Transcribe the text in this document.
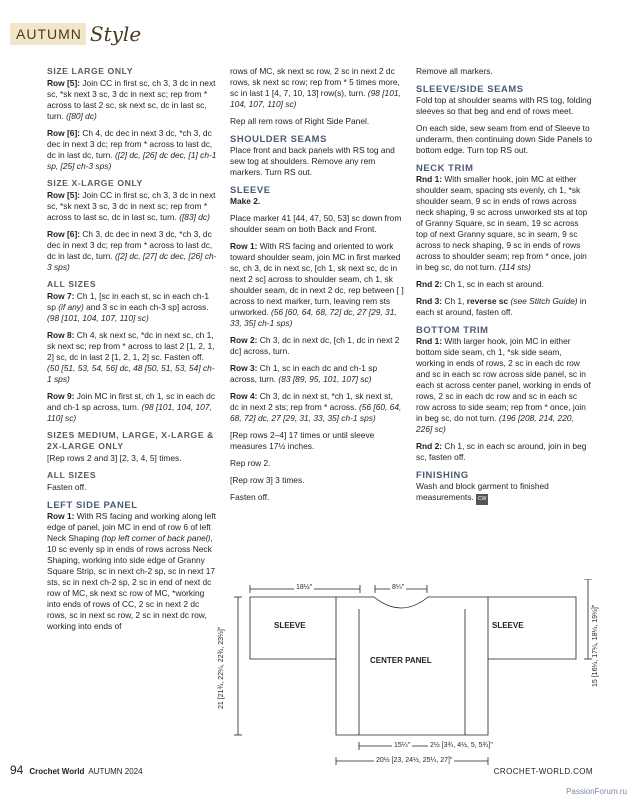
AUTUMN Style
SIZE LARGE ONLY

Row [5]: Join CC in first sc, ch 3, 3 dc in next sc, *sk next 3 sc, 3 dc in next sc; rep from * across to last 2 sc, sk next sc, dc in last sc, turn. ([80] dc)

Row [6]: Ch 4, dc dec in next 3 dc, *ch 3, dc dec in next 3 dc; rep from * across to last dc, dc in last dc, turn. ([2] dc, [26] dc dec, [1] ch-1 sp, [25] ch-3 sps)

SIZE X-LARGE ONLY

Row [5]: Join CC in first sc, ch 3, 3 dc in next sc, *sk next 3 sc, 3 dc in next sc; rep from * across to last sc, dc in last sc, turn. ([83] dc)

Row [6]: Ch 3, dc dec in next 3 dc, *ch 3, dc dec in next 3 dc; rep from * across to last dc, dc in last dc, turn. ([2] dc, [27] dc dec, [26] ch-3 sps)

ALL SIZES

Row 7: Ch 1, [sc in each st, sc in each ch-1 sp (if any) and 3 sc in each ch-3 sp] across. (98 [101, 104, 107, 110] sc)

Row 8: Ch 4, sk next sc, *dc in next sc, ch 1, sk next sc; rep from * across to last 2 [1, 2, 1, 2] sc, dc in last 2 [1, 2, 1, 2] sc. Fasten off. (50 [51, 53, 54, 56] dc, 48 [50, 51, 53, 54] ch-1 sps)

Row 9: Join MC in first st, ch 1, sc in each dc and ch-1 sp across, turn. (98 [101, 104, 107, 110] sc)

SIZES MEDIUM, LARGE, X-LARGE & 2X-LARGE ONLY

[Rep rows 2 and 3] [2, 3, 4, 5] times.

ALL SIZES

Fasten off.

LEFT SIDE PANEL

Row 1: With RS facing and working along left edge of panel, join MC in end of row 6 of left Neck Shaping (top left corner of back panel), 10 sc evenly sp in ends of rows across Neck Shaping, working into side edge of Granny Square Strip, sc in next ch-2 sp, sc in next 17 sts, sc in next ch-2 sp, 2 sc in end of next dc row of MC, sk next sc row of MC, *working into ends of rows of CC, 2 sc in next 2 dc rows, sc in next sc row, 2 sc in next dc row, working into ends of

rows of MC, sk next sc row, 2 sc in next 2 dc rows, sk next sc row; rep from * 5 times more, sc in last 1 [4, 7, 10, 13] row(s), turn. (98 [101, 104, 107, 110] sc)

Rep all rem rows of Right Side Panel.

SHOULDER SEAMS

Place front and back panels with RS tog and sew tog at shoulders. Remove any rem markers. Turn RS out.

SLEEVE

Make 2.

Place marker 41 [44, 47, 50, 53] sc down from shoulder seam on both Back and Front.

Row 1: With RS facing and oriented to work toward shoulder seam, join MC in first marked sc, ch 3, dc in next sc, [ch 1, sk next sc, dc in next 2 sc] across to shoulder seam, ch 1, sk shoulder seam, dc in next 2 dc, rep between [ ] across to next marker, turn, leaving rem sts unworked. (56 [60, 64, 68, 72] dc, 27 [29, 31, 33, 35] ch-1 sps)

Row 2: Ch 3, dc in next dc, [ch 1, dc in next 2 dc] across, turn.

Row 3: Ch 1, sc in each dc and ch-1 sp across, turn. (83 [89, 95, 101, 107] sc)

Row 4: Ch 3, dc in next st, *ch 1, sk next st, dc in next 2 sts; rep from * across. (56 [60, 64, 68, 72] dc, 27 [29, 31, 33, 35] ch-1 sps)

[Rep rows 2–4] 17 times or until sleeve measures 17½ inches.

Rep row 2.

[Rep row 3] 3 times.

Fasten off.

Remove all markers.

SLEEVE/SIDE SEAMS

Fold top at shoulder seams with RS tog, folding sleeves so that beg and end of rows meet.

On each side, sew seam from end of Sleeve to underarm, then continuing down Side Panels to bottom edge. Turn top RS out.

NECK TRIM

Rnd 1: With smaller hook, join MC at either shoulder seam, spacing sts evenly, ch 1, *sk shoulder seam, 9 sc in ends of rows across neck shaping, 9 sc across unworked sts at top of Granny Square, sc in seam, 19 sc across top of next Granny square, sc in seam, 9 sc across to neck shaping, 9 sc in ends of rows across to shoulder seam; rep from * once, join in beg sc, do not turn. (114 sts)

Rnd 2: Ch 1, sc in each st around.

Rnd 3: Ch 1, reverse sc (see Stitch Guide) in each st around, fasten off.

BOTTOM TRIM

Rnd 1: With larger hook, join MC in either bottom side seam, ch 1, *sk side seam, working in ends of rows, 2 sc in each dc row and sc in each sc row across side panel, sc in each st across center panel, working in ends of rows, 2 sc in each dc row and sc in each sc row across to side seam; rep from * once, join in beg sc, do not turn. (196 [208, 214, 220, 226] sc)

Rnd 2: Ch 1, sc in each sc around, join in beg sc, fasten off.

FINISHING

Wash and block garment to finished measurements. CW

18½"	8¼"
SLEEVE	SLEEVE
CENTER PANEL
21 [21¾, 22¼, 22¾, 23½]"	15 [16¼, 17¼, 18¼, 19½]"
15¼"	2½ [3¾, 4½, 5, 5¾]"
20½ [23, 24½, 25¼, 27]"
94 Crochet World AUTUMN 2024	CROCHET-WORLD.COM
PassionForum.ru
